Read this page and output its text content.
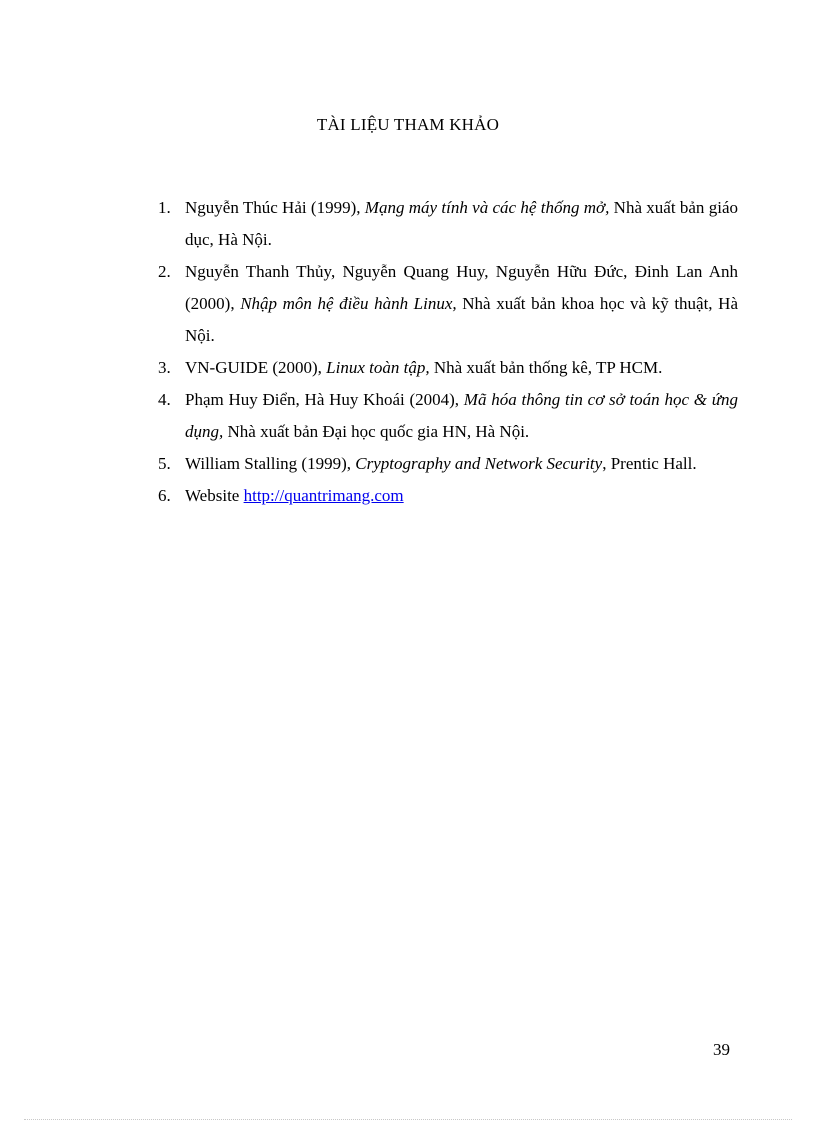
TÀI LIỆU THAM KHẢO
1. Nguyễn Thúc Hải (1999), Mạng máy tính và các hệ thống mở, Nhà xuất bản giáo dục, Hà Nội.
2. Nguyễn Thanh Thủy, Nguyễn Quang Huy, Nguyễn Hữu Đức, Đinh Lan Anh (2000), Nhập môn hệ điều hành Linux, Nhà xuất bản khoa học và kỹ thuật, Hà Nội.
3. VN-GUIDE (2000), Linux toàn tập, Nhà xuất bản thống kê, TP HCM.
4. Phạm Huy Điển, Hà Huy Khoái (2004), Mã hóa thông tin cơ sở toán học & ứng dụng, Nhà xuất bản Đại học quốc gia HN, Hà Nội.
5. William Stalling (1999), Cryptography and Network Security, Prentic Hall.
6. Website http://quantrimang.com
39
